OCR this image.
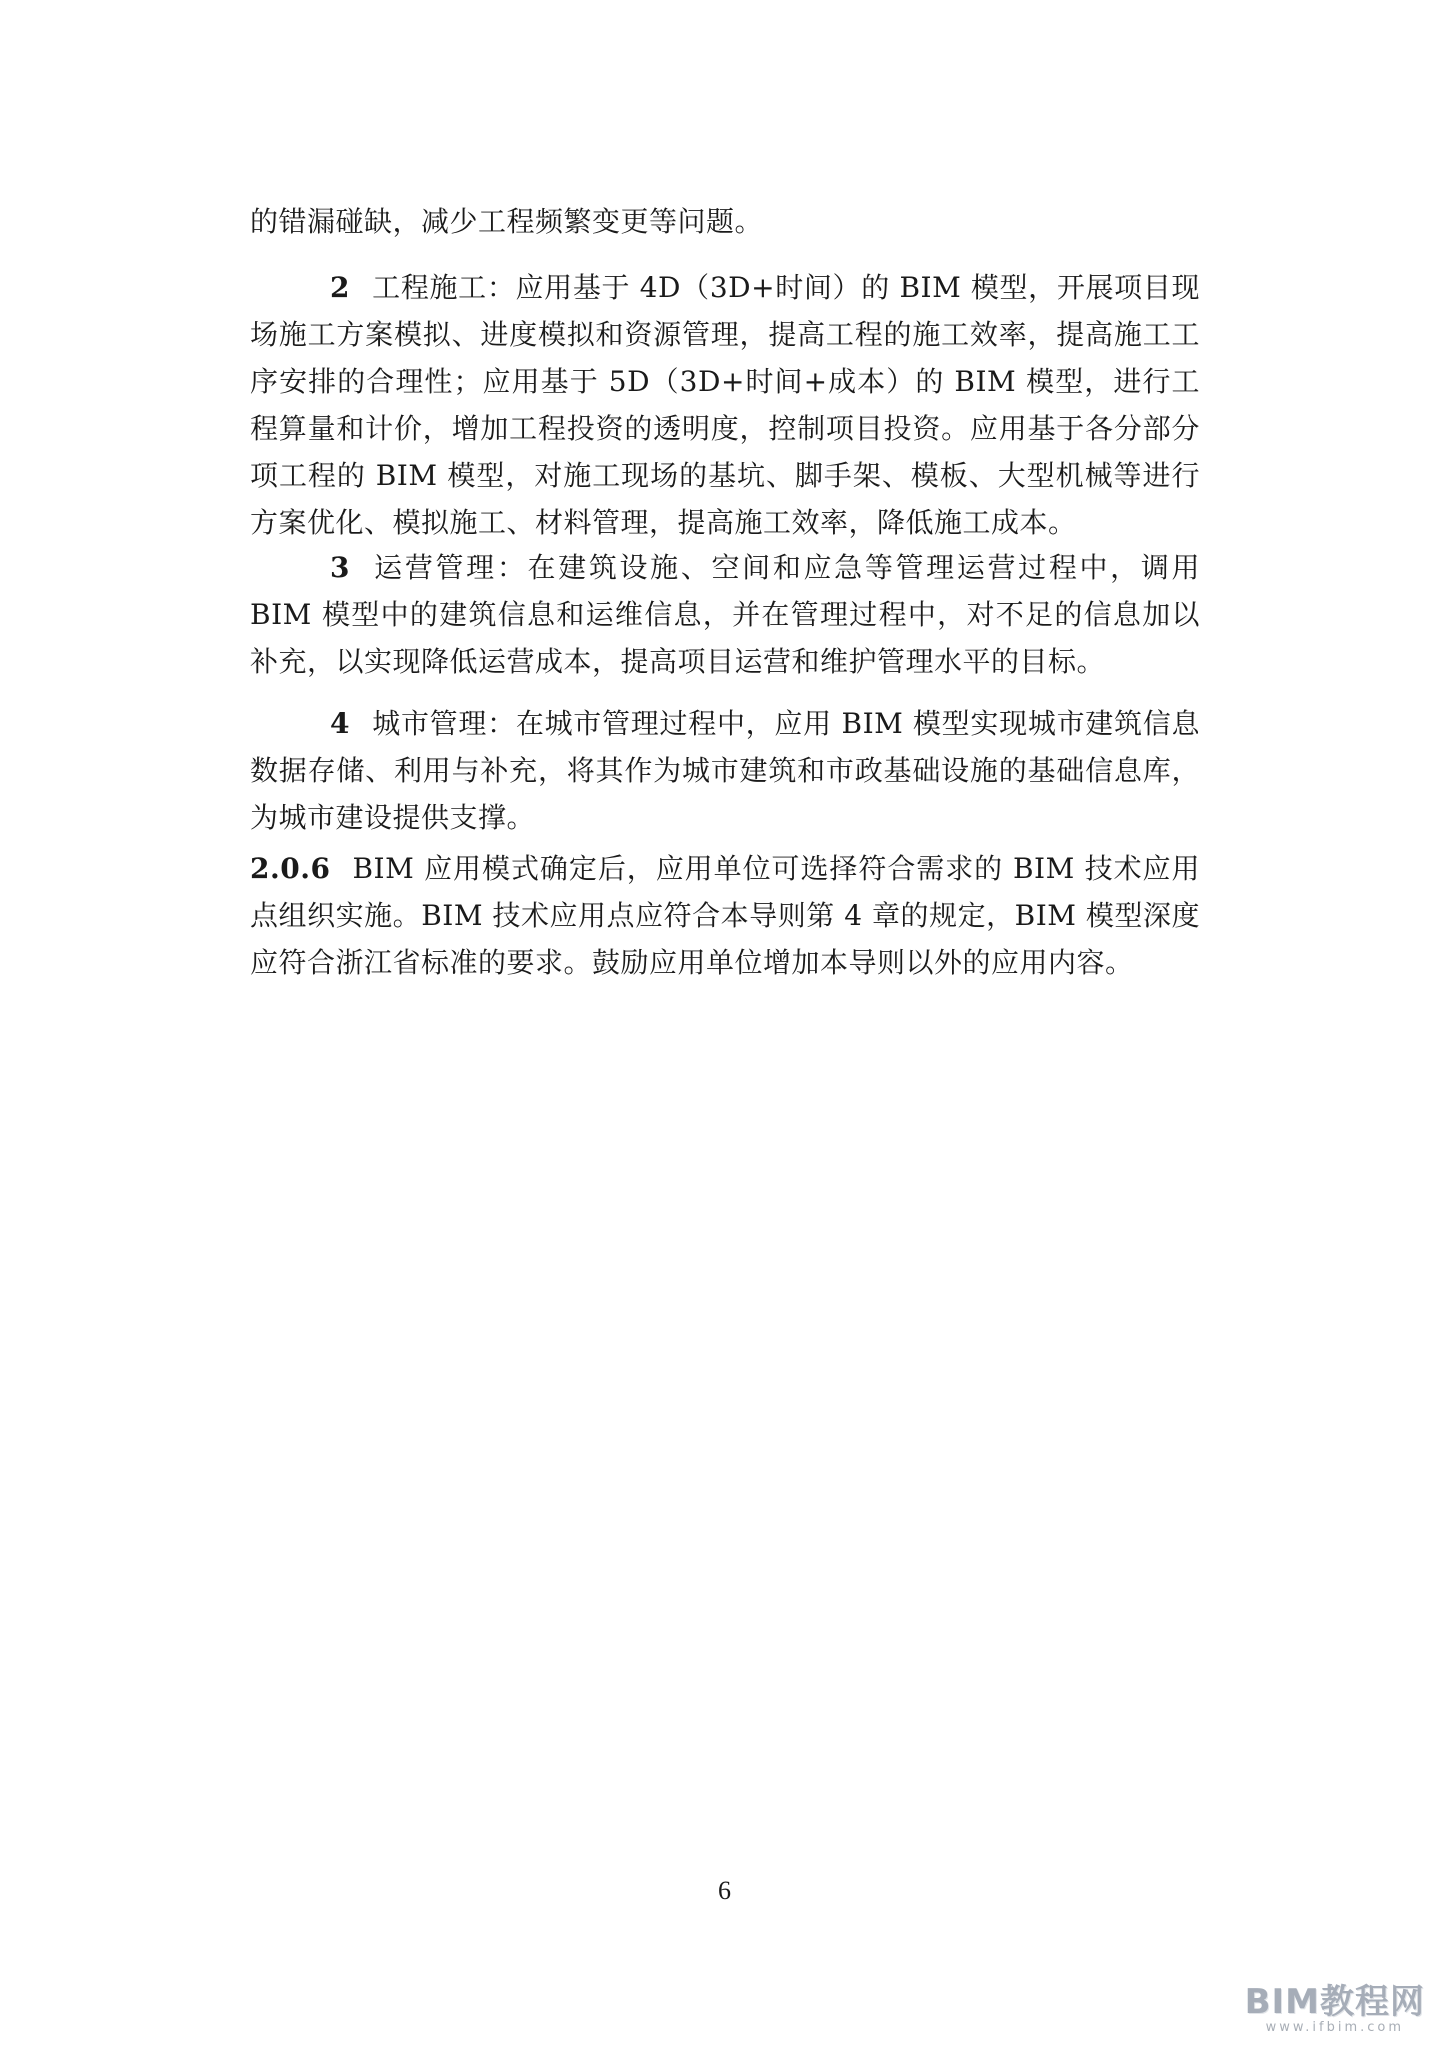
的错漏碰缺，减少工程频繁变更等问题。

2 工程施工：应用基于 4D（3D+时间）的 BIM 模型，开展项目现场施工方案模拟、进度模拟和资源管理，提高工程的施工效率，提高施工工序安排的合理性；应用基于 5D（3D+时间+成本）的 BIM 模型，进行工程算量和计价，增加工程投资的透明度，控制项目投资。应用基于各分部分项工程的 BIM 模型，对施工现场的基坑、脚手架、模板、大型机械等进行方案优化、模拟施工、材料管理，提高施工效率，降低施工成本。

3 运营管理：在建筑设施、空间和应急等管理运营过程中，调用 BIM 模型中的建筑信息和运维信息，并在管理过程中，对不足的信息加以补充，以实现降低运营成本，提高项目运营和维护管理水平的目标。

4 城市管理：在城市管理过程中，应用 BIM 模型实现城市建筑信息数据存储、利用与补充，将其作为城市建筑和市政基础设施的基础信息库，为城市建设提供支撑。

2.0.6 BIM 应用模式确定后，应用单位可选择符合需求的 BIM 技术应用点组织实施。BIM 技术应用点应符合本导则第 4 章的规定，BIM 模型深度应符合浙江省标准的要求。鼓励应用单位增加本导则以外的应用内容。

6
BIM教程网
www.ifbim.com
